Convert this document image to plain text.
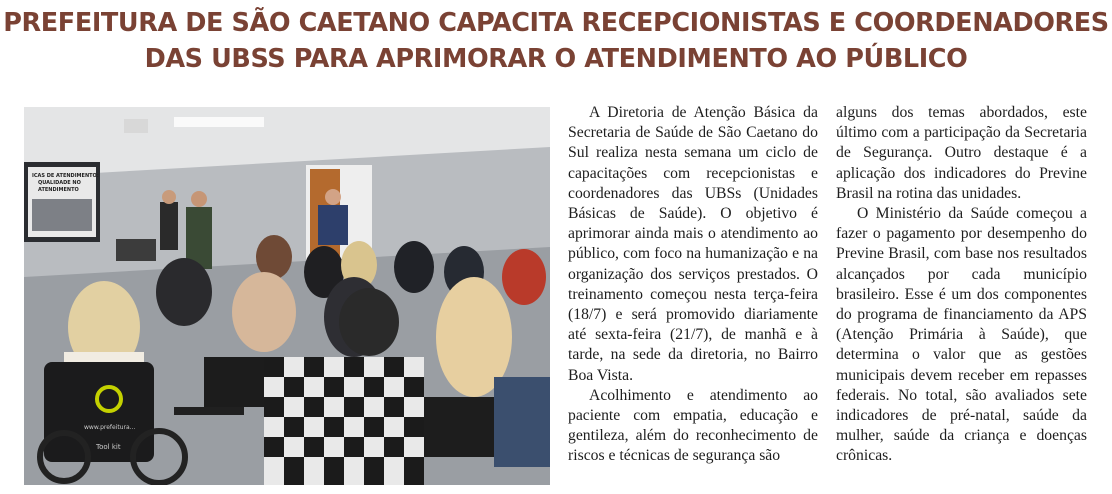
PREFEITURA DE SÃO CAETANO CAPACITA RECEPCIONISTAS E COORDENADORES
DAS UBSS PARA APRIMORAR O ATENDIMENTO AO PÚBLICO
ICAS DE ATENDIMENTO:
QUALIDADE NO
ATENDIMENTO
www.prefeitura...
Tool kit

A Diretoria de Atenção Básica da Secretaria de Saúde de São Caetano do Sul realiza nesta semana um ciclo de capacitações com recepcionistas e coordenadores das UBSs (Unidades Básicas de Saúde). O objetivo é aprimorar ainda mais o atendimento ao público, com foco na humanização e na organização dos serviços prestados. O treinamento começou nesta terça-feira (18/7) e será promovido diariamente até sexta-feira (21/7), de manhã e à tarde, na sede da diretoria, no Bairro Boa Vista.

Acolhimento e atendimento ao paciente com empatia, educação e gentileza, além do reconhecimento de riscos e técnicas de segurança são

alguns dos temas abordados, este último com a participação da Secretaria de Segurança. Outro destaque é a aplicação dos indicadores do Previne Brasil na rotina das unidades.

O Ministério da Saúde começou a fazer o pagamento por desempenho do Previne Brasil, com base nos resultados alcançados por cada município brasileiro. Esse é um dos componentes do programa de financiamento da APS (Atenção Primária à Saúde), que determina o valor que as gestões municipais devem receber em repasses federais. No total, são avaliados sete indicadores de pré-natal, saúde da mulher, saúde da criança e doenças crônicas.
